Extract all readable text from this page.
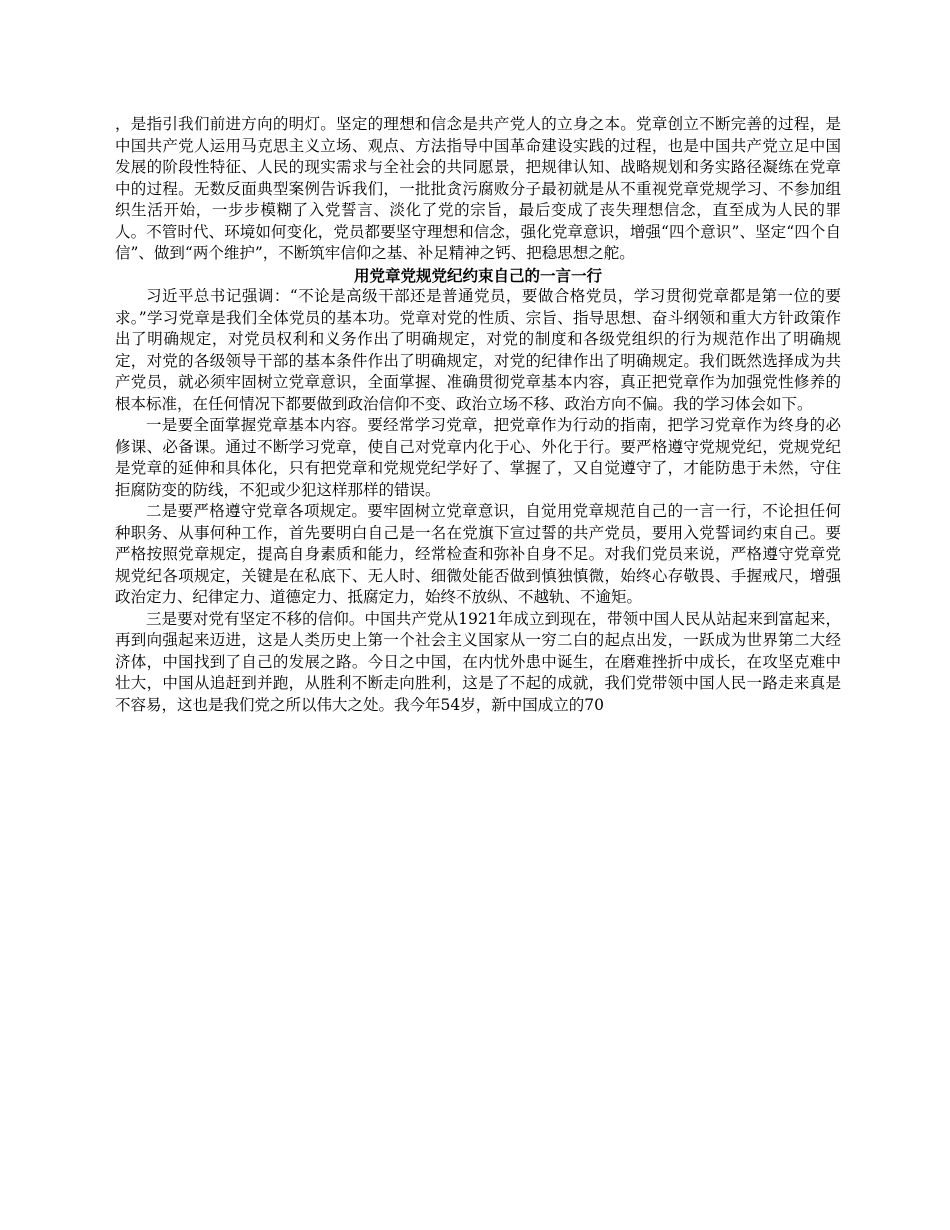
，是指引我们前进方向的明灯。坚定的理想和信念是共产党人的立身之本。党章创立不断完善的过程，是中国共产党人运用马克思主义立场、观点、方法指导中国革命建设实践的过程，也是中国共产党立足中国发展的阶段性特征、人民的现实需求与全社会的共同愿景，把规律认知、战略规划和务实路径凝练在党章中的过程。无数反面典型案例告诉我们，一批批贪污腐败分子最初就是从不重视党章党规学习、不参加组织生活开始，一步步模糊了入党誓言、淡化了党的宗旨，最后变成了丧失理想信念，直至成为人民的罪人。不管时代、环境如何变化，党员都要坚守理想和信念，强化党章意识，增强“四个意识”、坚定“四个自信”、做到“两个维护”，不断筑牢信仰之基、补足精神之钙、把稳思想之舵。

用党章党规党纪约束自己的一言一行

习近平总书记强调：“不论是高级干部还是普通党员，要做合格党员，学习贯彻党章都是第一位的要求。”学习党章是我们全体党员的基本功。党章对党的性质、宗旨、指导思想、奋斗纲领和重大方针政策作出了明确规定，对党员权利和义务作出了明确规定，对党的制度和各级党组织的行为规范作出了明确规定，对党的各级领导干部的基本条件作出了明确规定，对党的纪律作出了明确规定。我们既然选择成为共产党员，就必须牢固树立党章意识，全面掌握、准确贯彻党章基本内容，真正把党章作为加强党性修养的根本标准，在任何情况下都要做到政治信仰不变、政治立场不移、政治方向不偏。我的学习体会如下。

一是要全面掌握党章基本内容。要经常学习党章，把党章作为行动的指南，把学习党章作为终身的必修课、必备课。通过不断学习党章，使自己对党章内化于心、外化于行。要严格遵守党规党纪，党规党纪是党章的延伸和具体化，只有把党章和党规党纪学好了、掌握了，又自觉遵守了，才能防患于未然，守住拒腐防变的防线，不犯或少犯这样那样的错误。

二是要严格遵守党章各项规定。要牢固树立党章意识，自觉用党章规范自己的一言一行，不论担任何种职务、从事何种工作，首先要明白自己是一名在党旗下宣过誓的共产党员，要用入党誓词约束自己。要严格按照党章规定，提高自身素质和能力，经常检查和弥补自身不足。对我们党员来说，严格遵守党章党规党纪各项规定，关键是在私底下、无人时、细微处能否做到慎独慎微，始终心存敬畏、手握戒尺，增强政治定力、纪律定力、道德定力、抵腐定力，始终不放纵、不越轨、不逾矩。

三是要对党有坚定不移的信仰。中国共产党从1921年成立到现在，带领中国人民从站起来到富起来，再到向强起来迈进，这是人类历史上第一个社会主义国家从一穷二白的起点出发，一跃成为世界第二大经济体，中国找到了自己的发展之路。今日之中国，在内忧外患中诞生，在磨难挫折中成长，在攻坚克难中壮大，中国从追赶到并跑，从胜利不断走向胜利，这是了不起的成就，我们党带领中国人民一路走来真是不容易，这也是我们党之所以伟大之处。我今年54岁，新中国成立的70
